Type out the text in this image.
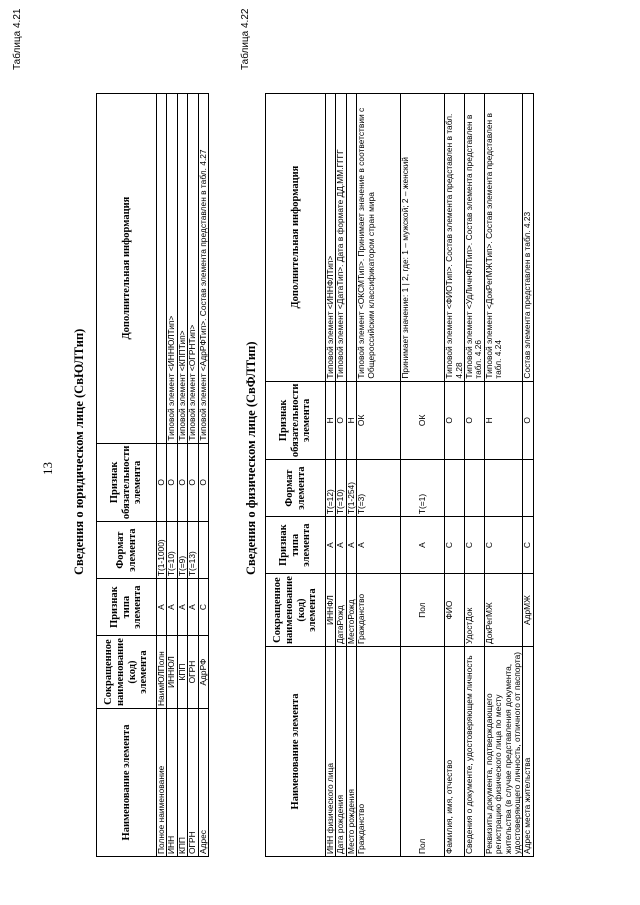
13
Таблица 4.21
Сведения о юридическом лице (СвЮЛТип)
Наименование элемента	Сокращенное наименование (код) элемента	Признак типа элемента	Формат элемента	Признак обязательности элемента	Дополнительная информация
Полное наименование	НаимЮЛПолн	А	T(1-1000)	О	
ИНН	ИННЮЛ	А	T(=10)	О	Типовой элемент <ИННЮЛТип>
КПП	КПП	А	T(=9)	О	Типовой элемент <КППТип>
ОГРН	ОГРН	А	T(=13)	О	Типовой элемент <ОГРНТип>
Адрес	АдрРФ	С		О	Типовой элемент <АдрРФТип>. Состав элемента представлен в табл. 4.27
Таблица 4.22
Сведения о физическом лице (СвФЛТип)
Наименование элемента	Сокращенное наименование (код) элемента	Признак типа элемента	Формат элемента	Признак обязательности элемента	Дополнительная информация
ИНН физического лица	ИННФЛ	А	T(=12)	Н	Типовой элемент <ИННФЛТип>
Дата рождения	ДатаРожд	А	T(=10)	О	Типовой элемент <ДатаТип>. Дата в формате ДД.ММ.ГГГГ
Место рождения	МестоРожд	А	T(1-254)	Н	
Гражданство	Гражданство	А	T(=3)	ОК	Типовой элемент <ОКСМТип>. Принимает значение в соответствии с Общероссийским классификатором стран мира
Пол	Пол	А	T(=1)	ОК	Принимает значение: 1 | 2, где: 1 – мужской; 2 – женский
Фамилия, имя, отчество	ФИО	С		О	Типовой элемент <ФИОТип>. Состав элемента представлен в табл. 4.28
Сведения о документе, удостоверяющем личность	УдостДок	С		О	Типовой элемент <УдЛичнФЛТип>. Состав элемента представлен в табл. 4.26
Реквизиты документа, подтверждающего регистрацию физического лица по месту жительства (в случае представления документа, удостоверяющего личность, отличного от паспорта)	ДокРегМЖ	С		Н	Типовой элемент <ДокРегМЖТип>. Состав элемента представлен в табл. 4.24
Адрес места жительства	АдрМЖ	С		О	Состав элемента представлен в табл. 4.23
